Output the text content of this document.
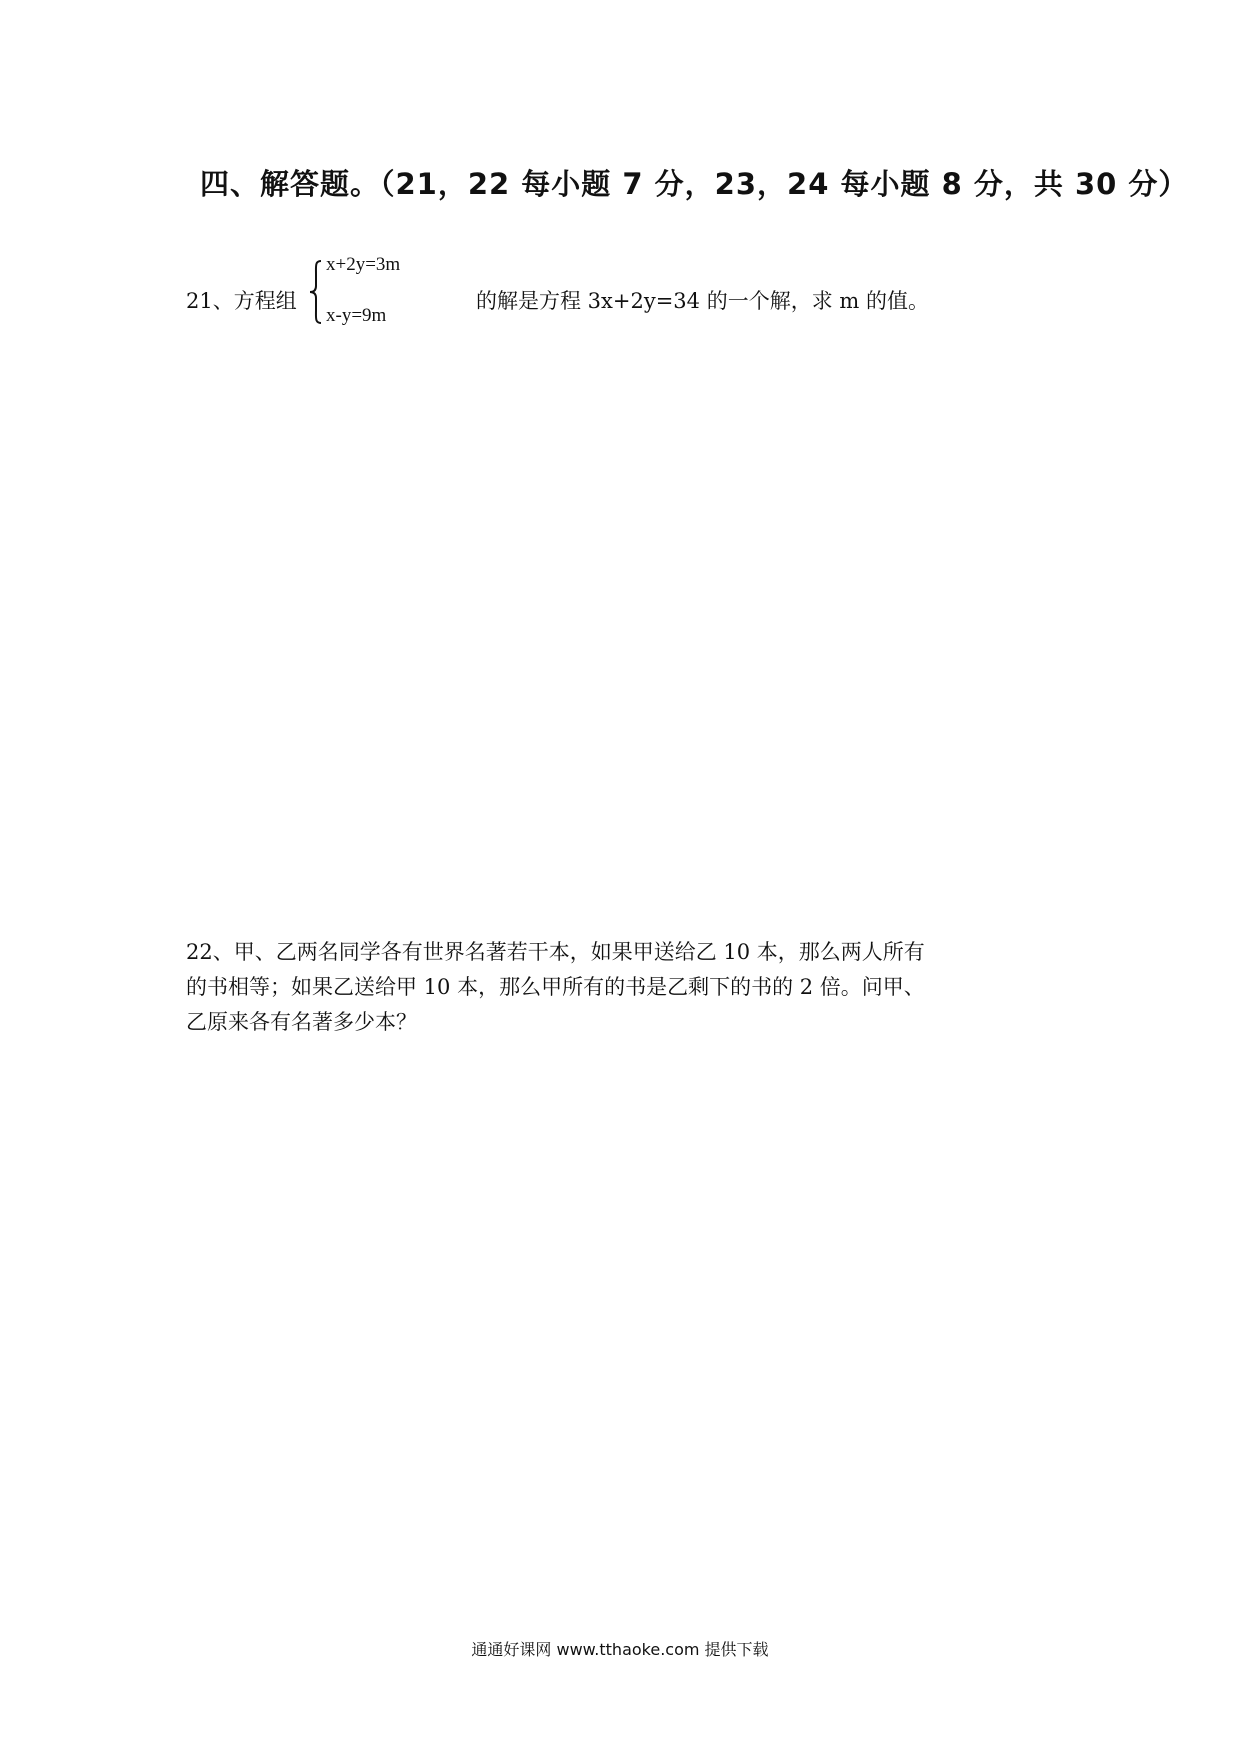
四、解答题。（21，22 每小题 7 分，23，24 每小题 8 分，共 30 分）
21、方程组
x+2y=3m
x-y=9m
的解是方程 3x+2y=34 的一个解，求 m 的值。

22、甲、乙两名同学各有世界名著若干本，如果甲送给乙 10 本，那么两人所有

的书相等；如果乙送给甲 10 本，那么甲所有的书是乙剩下的书的 2 倍。问甲、

乙原来各有名著多少本？

通通好课网 www.tthaoke.com 提供下载
